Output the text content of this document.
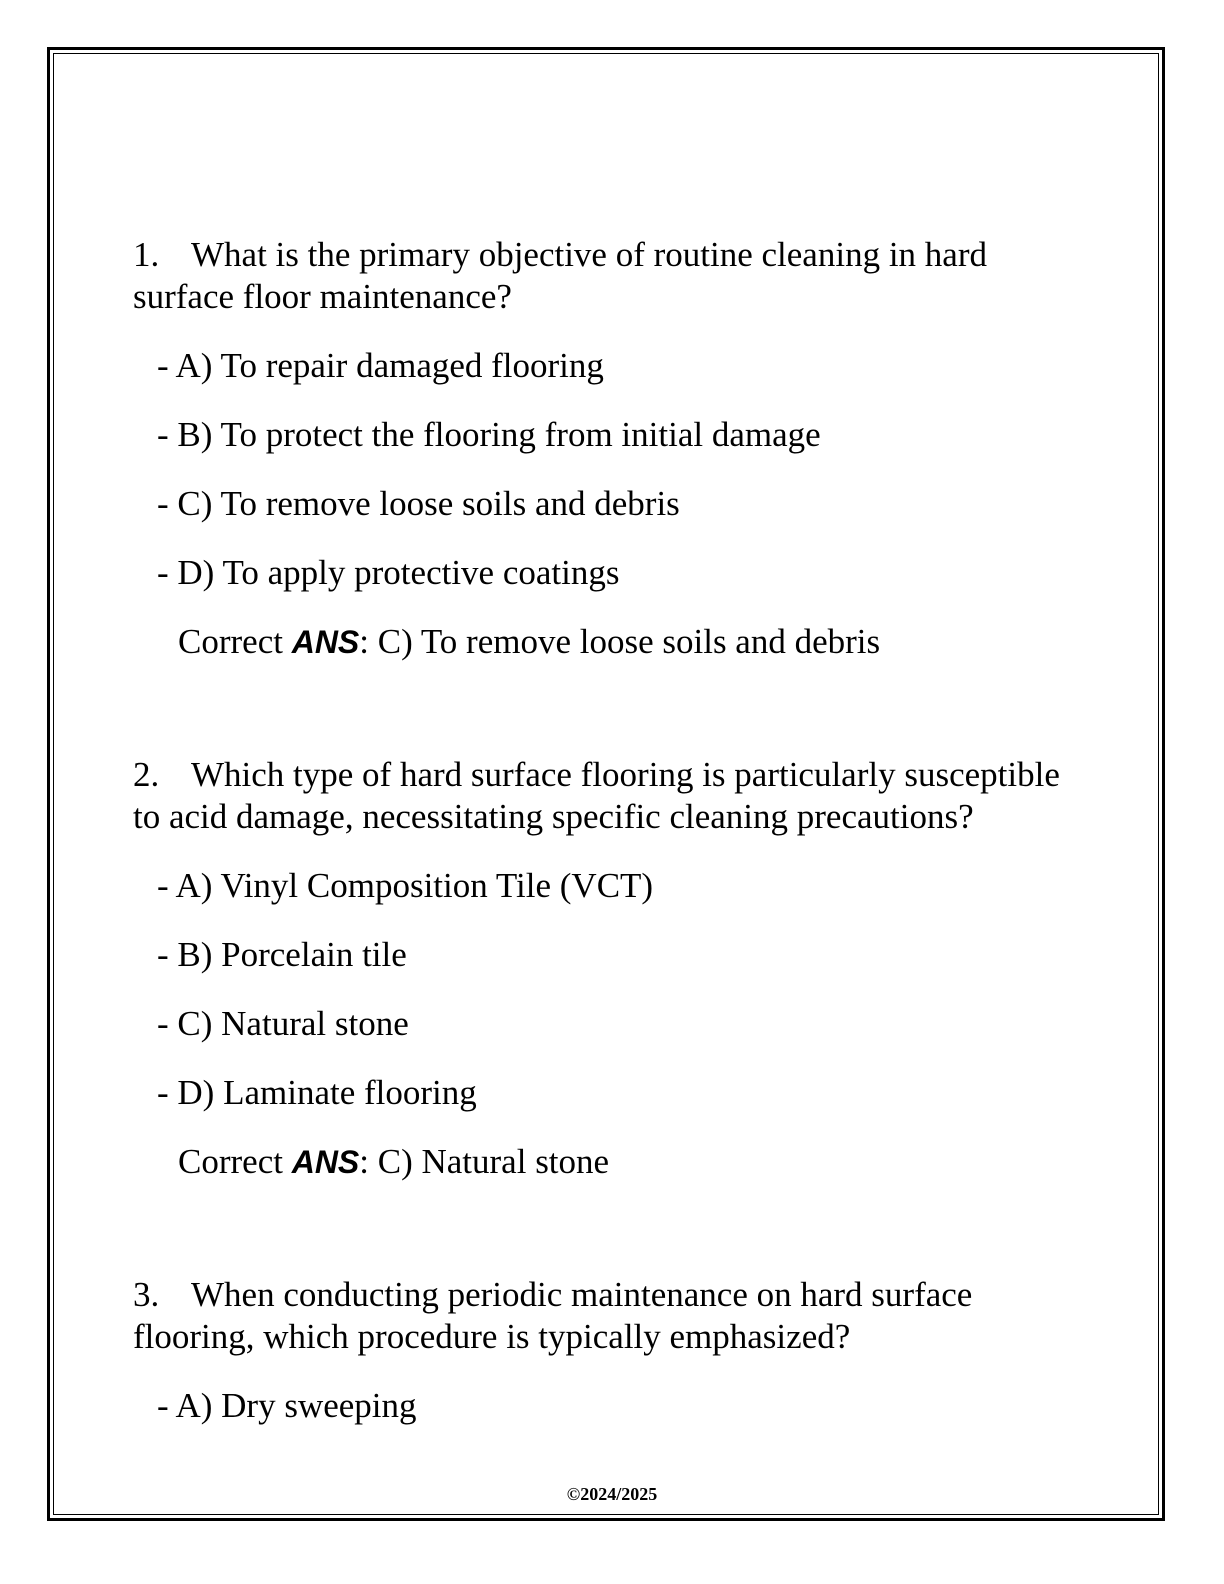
1. What is the primary objective of routine cleaning in hard surface floor maintenance?

- A) To repair damaged flooring
- B) To protect the flooring from initial damage
- C) To remove loose soils and debris
- D) To apply protective coatings
Correct ANS: C) To remove loose soils and debris

2. Which type of hard surface flooring is particularly susceptible to acid damage, necessitating specific cleaning precautions?

- A) Vinyl Composition Tile (VCT)
- B) Porcelain tile
- C) Natural stone
- D) Laminate flooring
Correct ANS: C) Natural stone

3. When conducting periodic maintenance on hard surface flooring, which procedure is typically emphasized?

- A) Dry sweeping
©2024/2025
